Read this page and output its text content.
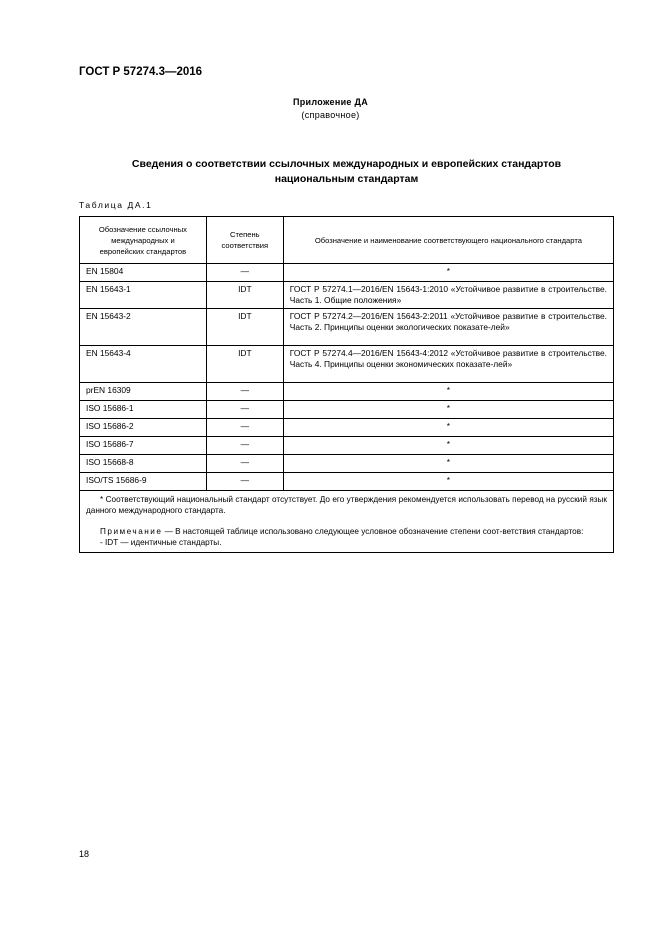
ГОСТ Р 57274.3—2016
Приложение ДА
(справочное)
Сведения о соответствии ссылочных международных и европейских стандартов
национальным стандартам
Таблица ДА.1
Обозначение ссылочных международных и европейских стандартов	Степень соответствия	Обозначение и наименование соответствующего национального стандарта
EN 15804	—	*
EN 15643-1	IDT	ГОСТ Р 57274.1—2016/EN 15643-1:2010 «Устойчивое развитие в строительстве. Часть 1. Общие положения»
EN 15643-2	IDT	ГОСТ Р 57274.2—2016/EN 15643-2:2011 «Устойчивое развитие в строительстве. Часть 2. Принципы оценки экологических показате-лей»
EN 15643-4	IDT	ГОСТ Р 57274.4—2016/EN 15643-4:2012 «Устойчивое развитие в строительстве. Часть 4. Принципы оценки экономических показате-лей»
prEN 16309	—	*
ISO 15686-1	—	*
ISO 15686-2	—	*
ISO 15686-7	—	*
ISO 15668-8	—	*
ISO/TS 15686-9	—	*

* Соответствующий национальный стандарт отсутствует. До его утверждения рекомендуется использовать перевод на русский язык данного международного стандарта.

Примечание — В настоящей таблице использовано следующее условное обозначение степени соот-ветствия стандартов:

- IDT — идентичные стандарты.		

18
